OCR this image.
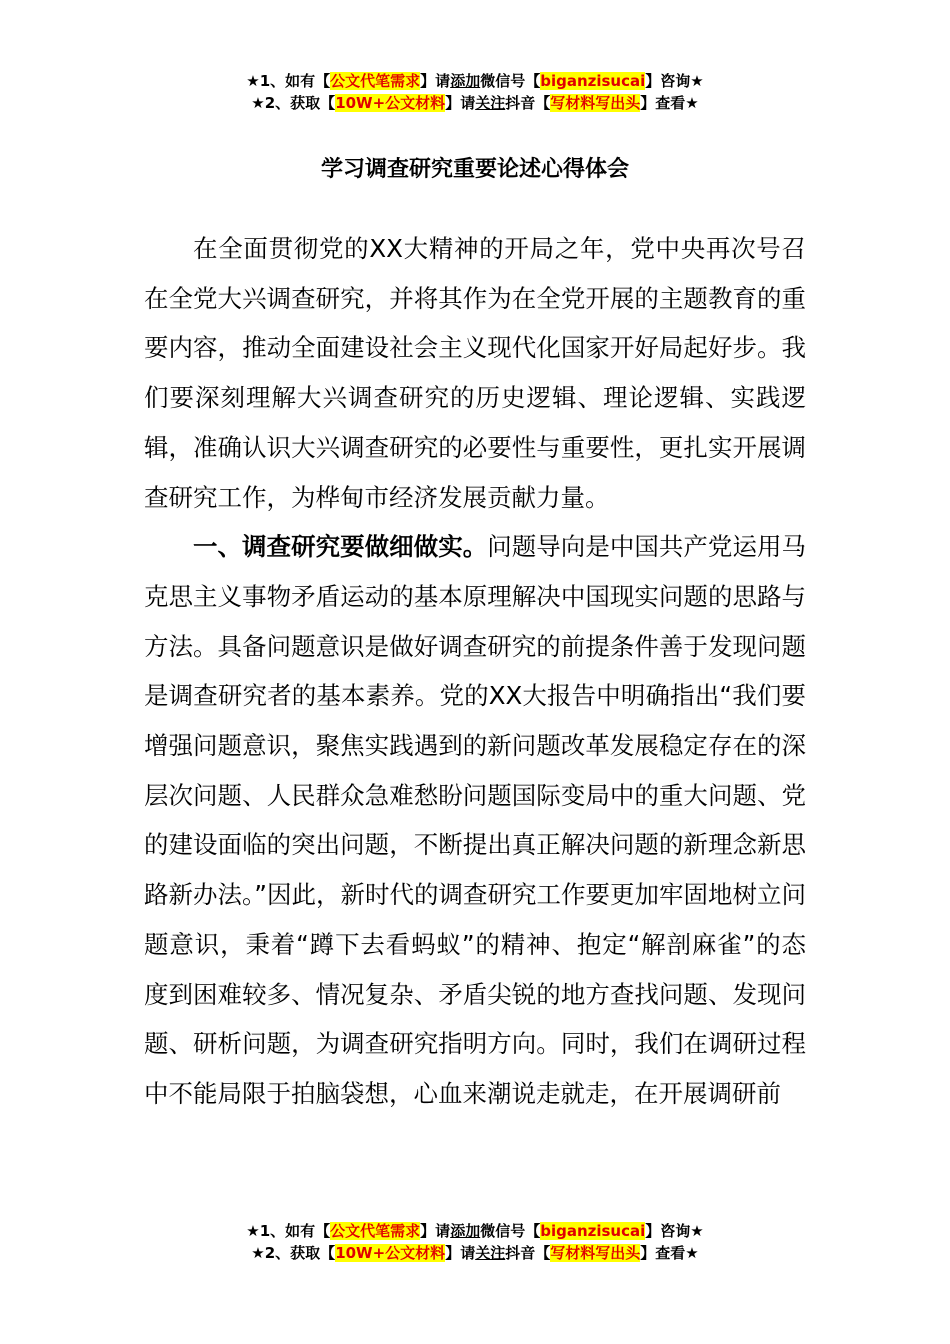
★1、如有【公文代笔需求】请添加微信号【biganzisucai】咨询★
★2、获取【10W+公文材料】请关注抖音【写材料写出头】查看★
学习调查研究重要论述心得体会

在全面贯彻党的XX大精神的开局之年，党中央再次号召在全党大兴调查研究，并将其作为在全党开展的主题教育的重要内容，推动全面建设社会主义现代化国家开好局起好步。我们要深刻理解大兴调查研究的历史逻辑、理论逻辑、实践逻辑，准确认识大兴调查研究的必要性与重要性，更扎实开展调查研究工作，为桦甸市经济发展贡献力量。

一、调查研究要做细做实。问题导向是中国共产党运用马克思主义事物矛盾运动的基本原理解决中国现实问题的思路与方法。具备问题意识是做好调查研究的前提条件善于发现问题是调查研究者的基本素养。党的XX大报告中明确指出“我们要增强问题意识，聚焦实践遇到的新问题改革发展稳定存在的深层次问题、人民群众急难愁盼问题国际变局中的重大问题、党的建设面临的突出问题，不断提出真正解决问题的新理念新思路新办法。”因此，新时代的调查研究工作要更加牢固地树立问题意识，秉着“蹲下去看蚂蚁”的精神、抱定“解剖麻雀”的态度到困难较多、情况复杂、矛盾尖锐的地方查找问题、发现问题、研析问题，为调查研究指明方向。同时，我们在调研过程中不能局限于拍脑袋想，心血来潮说走就走，在开展调研前

★1、如有【公文代笔需求】请添加微信号【biganzisucai】咨询★
★2、获取【10W+公文材料】请关注抖音【写材料写出头】查看★
